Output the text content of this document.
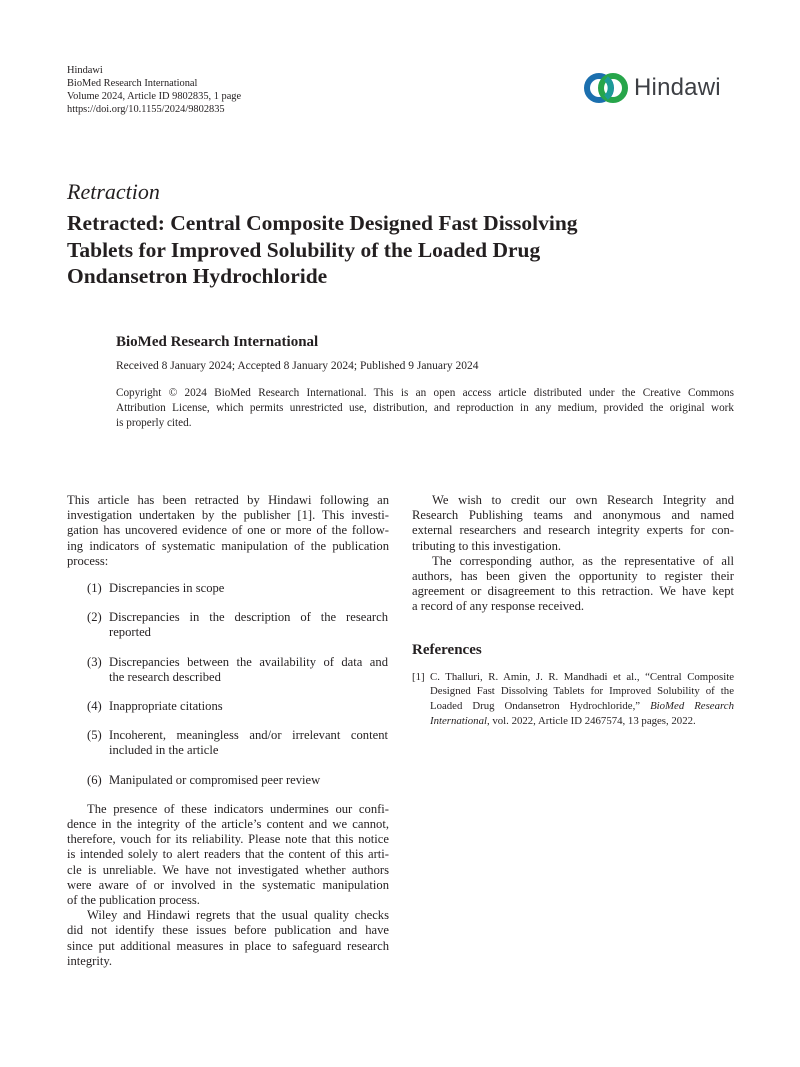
Hindawi
BioMed Research International
Volume 2024, Article ID 9802835, 1 page
https://doi.org/10.1155/2024/9802835
Hindawi
Retraction
Retracted: Central Composite Designed Fast Dissolving
Tablets for Improved Solubility of the Loaded Drug
Ondansetron Hydrochloride
BioMed Research International
Received 8 January 2024; Accepted 8 January 2024; Published 9 January 2024
Copyright © 2024 BioMed Research International. This is an open access article distributed under the Creative Commons
Attribution License, which permits unrestricted use, distribution, and reproduction in any medium, provided the original work
is properly cited.
This article has been retracted by Hindawi following an
investigation undertaken by the publisher [1]. This investi-
gation has uncovered evidence of one or more of the follow-
ing indicators of systematic manipulation of the publication
process:
(1) Discrepancies in scope
(2) Discrepancies in the description of the research
reported
(3) Discrepancies between the availability of data and
the research described
(4) Inappropriate citations
(5) Incoherent, meaningless and/or irrelevant content
included in the article
(6) Manipulated or compromised peer review
The presence of these indicators undermines our confi-
dence in the integrity of the article’s content and we cannot,
therefore, vouch for its reliability. Please note that this notice
is intended solely to alert readers that the content of this arti-
cle is unreliable. We have not investigated whether authors
were aware of or involved in the systematic manipulation
of the publication process.
Wiley and Hindawi regrets that the usual quality checks
did not identify these issues before publication and have
since put additional measures in place to safeguard research
integrity.
We wish to credit our own Research Integrity and
Research Publishing teams and anonymous and named
external researchers and research integrity experts for con-
tributing to this investigation.
The corresponding author, as the representative of all
authors, has been given the opportunity to register their
agreement or disagreement to this retraction. We have kept
a record of any response received.
References
[1] C. Thalluri, R. Amin, J. R. Mandhadi et al., “Central Composite
Designed Fast Dissolving Tablets for Improved Solubility of the
Loaded Drug Ondansetron Hydrochloride,” BioMed Research
International, vol. 2022, Article ID 2467574, 13 pages, 2022.
